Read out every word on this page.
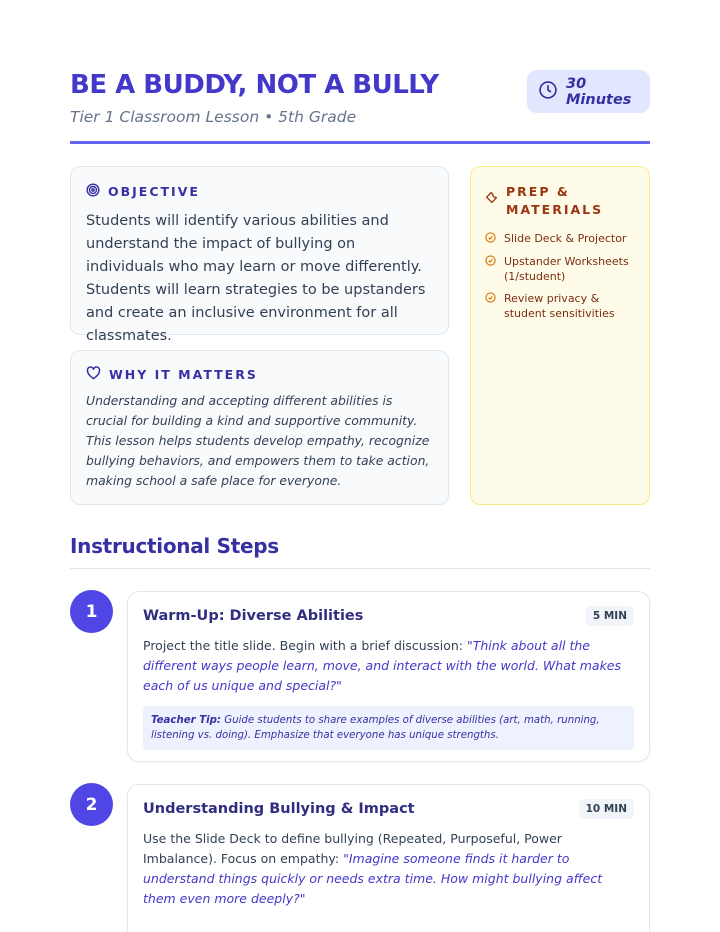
BE A BUDDY, NOT A BULLY
Tier 1 Classroom Lesson • 5th Grade
30 Minutes
OBJECTIVE

Students will identify various abilities and understand the impact of bullying on individuals who may learn or move differently. Students will learn strategies to be upstanders and create an inclusive environment for all classmates.

WHY IT MATTERS

Understanding and accepting different abilities is crucial for building a kind and supportive community. This lesson helps students develop empathy, recognize bullying behaviors, and empowers them to take action, making school a safe place for everyone.

PREP &
MATERIALS
Slide Deck & Projector
Upstander Worksheets (1/student)
Review privacy & student sensitivities
Instructional Steps
1	Warm-Up: Diverse Abilities	5 MIN

Project the title slide. Begin with a brief discussion: "Think about all the different ways people learn, move, and interact with the world. What makes each of us unique and special?"

Teacher Tip: Guide students to share examples of diverse abilities (art, math, running, listening vs. doing). Emphasize that everyone has unique strengths.
2	Understanding Bullying & Impact	10 MIN

Use the Slide Deck to define bullying (Repeated, Purposeful, Power Imbalance). Focus on empathy: "Imagine someone finds it harder to understand things quickly or needs extra time. How might bullying affect them even more deeply?"
